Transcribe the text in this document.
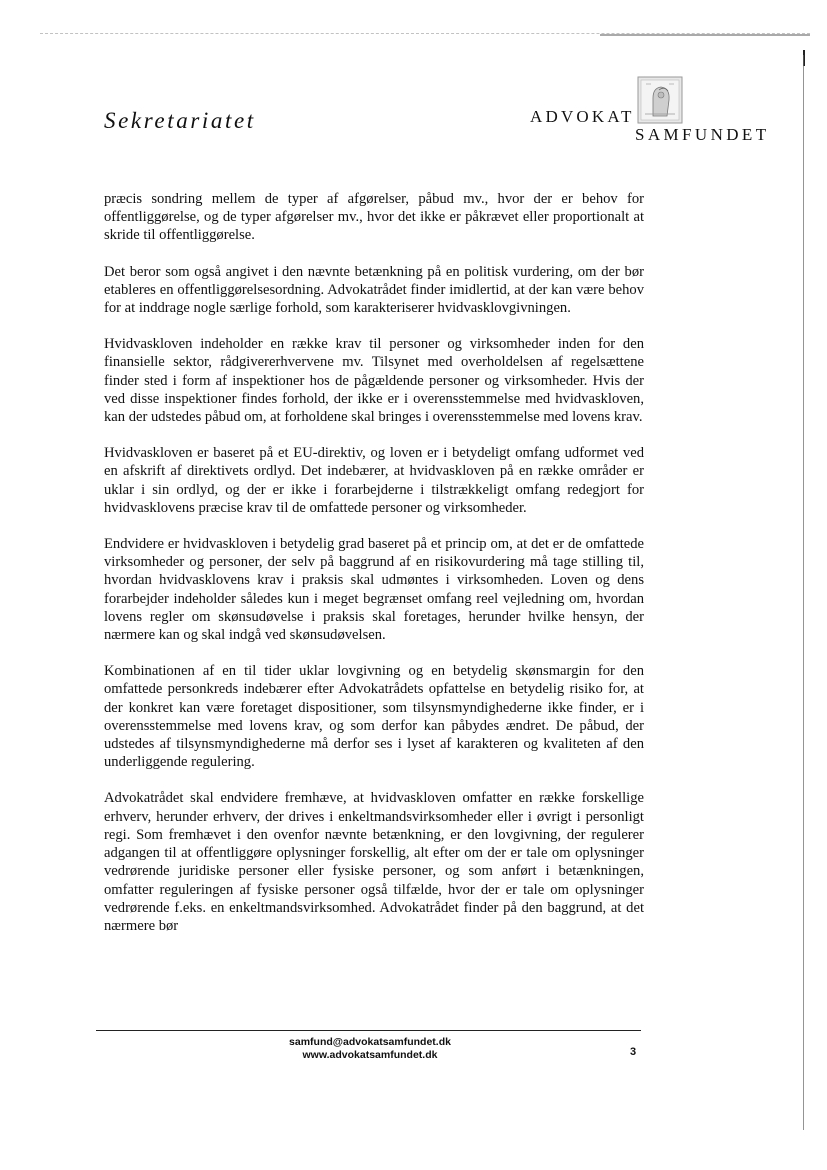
Sekretariatet	ADVOKAT
SAMFUNDET

præcis sondring mellem de typer af afgørelser, påbud mv., hvor der er behov for offentliggørelse, og de typer afgørelser mv., hvor det ikke er påkrævet eller proportionalt at skride til offentliggørelse.

Det beror som også angivet i den nævnte betænkning på en politisk vurdering, om der bør etableres en offentliggørelsesordning. Advokatrådet finder imidlertid, at der kan være behov for at inddrage nogle særlige forhold, som karakteriserer hvidvasklovgivningen.

Hvidvaskloven indeholder en række krav til personer og virksomheder inden for den finansielle sektor, rådgivererhvervene mv. Tilsynet med overholdelsen af regelsættene finder sted i form af inspektioner hos de pågældende personer og virksomheder. Hvis der ved disse inspektioner findes forhold, der ikke er i overensstemmelse med hvidvaskloven, kan der udstedes påbud om, at forholdene skal bringes i overensstemmelse med lovens krav.

Hvidvaskloven er baseret på et EU-direktiv, og loven er i betydeligt omfang udformet ved en afskrift af direktivets ordlyd. Det indebærer, at hvidvaskloven på en række områder er uklar i sin ordlyd, og der er ikke i forarbejderne i tilstrækkeligt omfang redegjort for hvidvasklovens præcise krav til de omfattede personer og virksomheder.

Endvidere er hvidvaskloven i betydelig grad baseret på et princip om, at det er de omfattede virksomheder og personer, der selv på baggrund af en risikovurdering må tage stilling til, hvordan hvidvasklovens krav i praksis skal udmøntes i virksomheden. Loven og dens forarbejder indeholder således kun i meget begrænset omfang reel vejledning om, hvordan lovens regler om skønsudøvelse i praksis skal foretages, herunder hvilke hensyn, der nærmere kan og skal indgå ved skønsudøvelsen.

Kombinationen af en til tider uklar lovgivning og en betydelig skønsmargin for den omfattede personkreds indebærer efter Advokatrådets opfattelse en betydelig risiko for, at der konkret kan være foretaget dispositioner, som tilsynsmyndighederne ikke finder, er i overensstemmelse med lovens krav, og som derfor kan påbydes ændret. De påbud, der udstedes af tilsynsmyndighederne må derfor ses i lyset af karakteren og kvaliteten af den underliggende regulering.

Advokatrådet skal endvidere fremhæve, at hvidvaskloven omfatter en række forskellige erhverv, herunder erhverv, der drives i enkeltmandsvirksomheder eller i øvrigt i personligt regi. Som fremhævet i den ovenfor nævnte betænkning, er den lovgivning, der regulerer adgangen til at offentliggøre oplysninger forskellig, alt efter om der er tale om oplysninger vedrørende juridiske personer eller fysiske personer, og som anført i betænkningen, omfatter reguleringen af fysiske personer også tilfælde, hvor der er tale om oplysninger vedrørende f.eks. en enkeltmandsvirksomhed. Advokatrådet finder på den baggrund, at det nærmere bør

samfund@advokatsamfundet.dk
www.advokatsamfundet.dk	3
